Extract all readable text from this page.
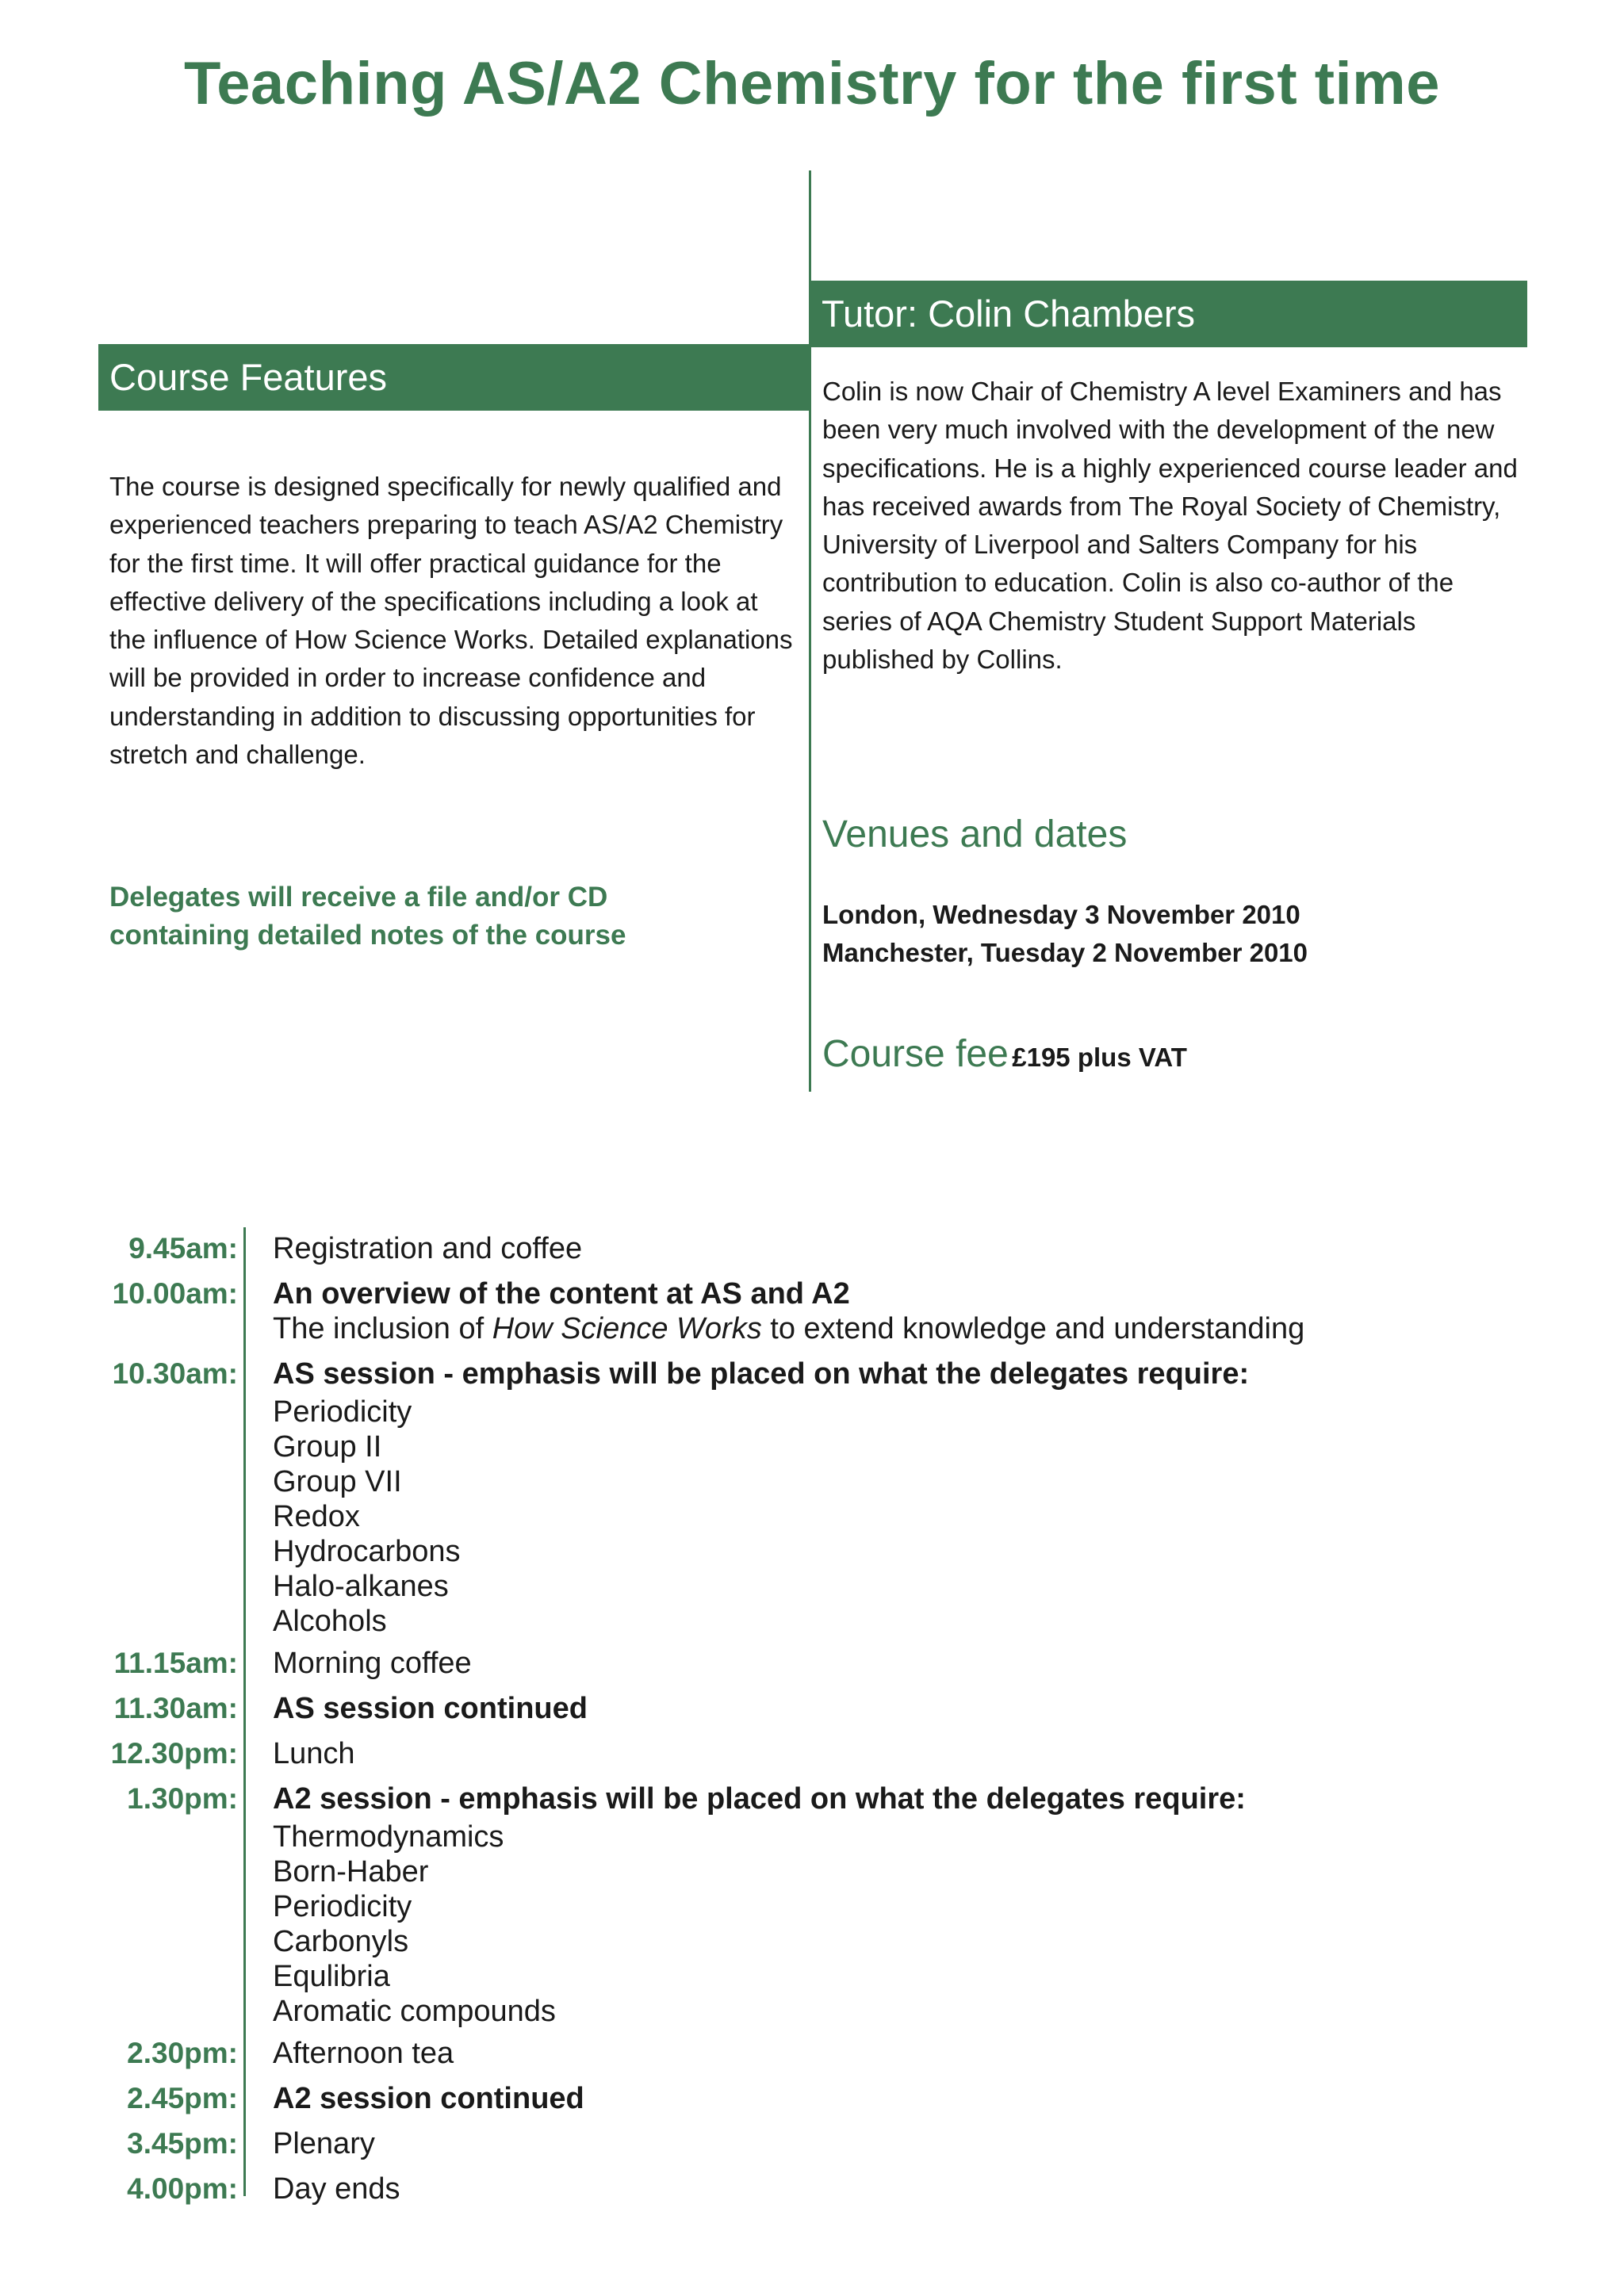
Teaching AS/A2 Chemistry for the first time
Course Features

The course is designed specifically for newly qualified and experienced teachers preparing to teach AS/A2 Chemistry for the first time. It will offer practical guidance for the effective delivery of the specifications including a look at the influence of How Science Works. Detailed explanations will be provided in order to increase confidence and understanding in addition to discussing opportunities for stretch and challenge.

Delegates will receive a file and/or CD containing detailed notes of the course

Tutor: Colin Chambers

Colin is now Chair of Chemistry A level Examiners and has been very much involved with the development of the new specifications. He is a highly experienced course leader and has received awards from The Royal Society of Chemistry, University of Liverpool and Salters Company for his contribution to education. Colin is also co-author of the series of AQA Chemistry Student Support Materials published by Collins.

Venues and dates
London, Wednesday 3 November 2010
Manchester, Tuesday 2 November 2010
Course fee £195 plus VAT
9.45am: Registration and coffee
10.00am: An overview of the content at AS and A2
The inclusion of How Science Works to extend knowledge and understanding
10.30am: AS session - emphasis will be placed on what the delegates require:
Periodicity
Group II
Group VII
Redox
Hydrocarbons
Halo-alkanes
Alcohols
11.15am: Morning coffee
11.30am: AS session continued
12.30pm: Lunch
1.30pm: A2 session - emphasis will be placed on what the delegates require:
Thermodynamics
Born-Haber
Periodicity
Carbonyls
Equlibria
Aromatic compounds
2.30pm: Afternoon tea
2.45pm: A2 session continued
3.45pm: Plenary
4.00pm: Day ends
